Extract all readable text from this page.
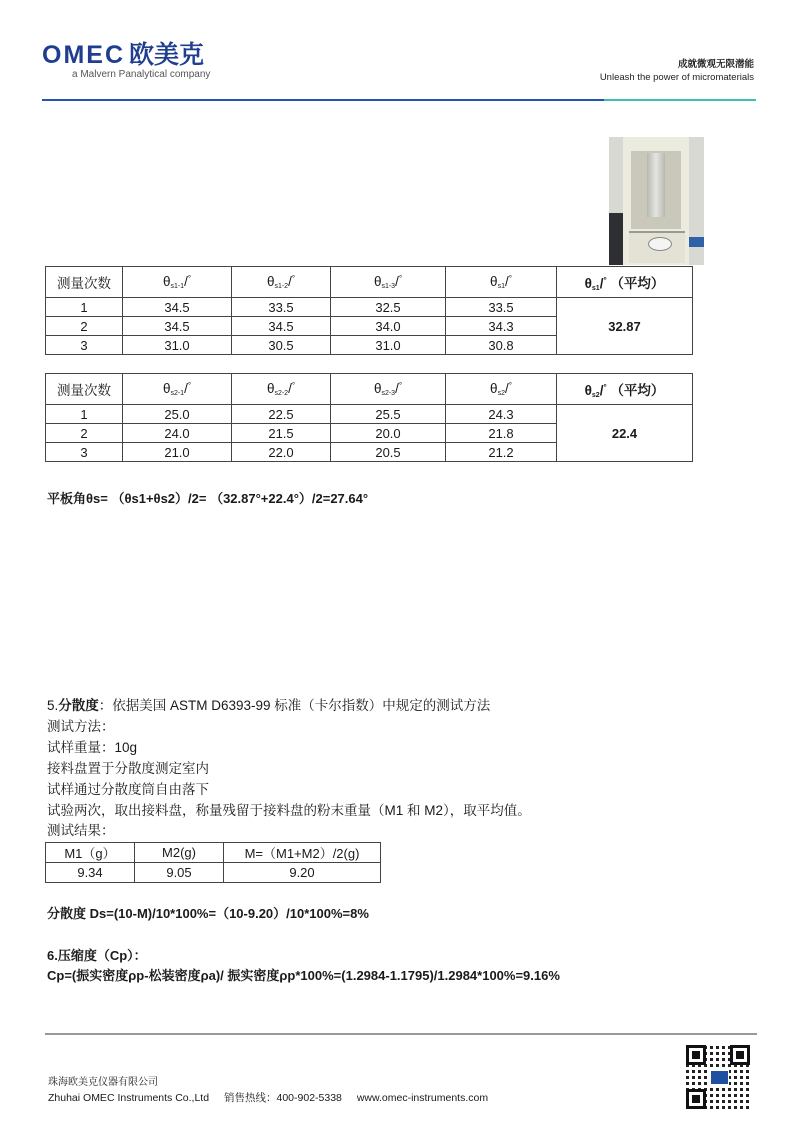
OMEC 欧美克
a Malvern Panalytical company
成就微观无限潜能
Unleash the power of micromaterials
测量次数	$\theta_{s1-1}/^\circ$	$\theta_{s1-2}/^\circ$	$\theta_{s1-3}/^\circ$	$\theta_{s1}/^\circ$	$\theta_{s1}/^\circ$ （平均）
1	34.5	33.5	32.5	33.5	32.87
2	34.5	34.5	34.0	34.3	
3	31.0	30.5	31.0	30.8	
测量次数	$\theta_{s2-1}/^\circ$	$\theta_{s2-2}/^\circ$	$\theta_{s2-3}/^\circ$	$\theta_{s2}/^\circ$	$\theta_{s2}/^\circ$ （平均）
1	25.0	22.5	25.5	24.3	22.4
2	24.0	21.5	20.0	21.8	
3	21.0	22.0	20.5	21.2	
平板角θs= （θs1+θs2）/2= （32.87°+22.4°）/2=27.64°
5.分散度：依据美国 ASTM D6393-99 标准（卡尔指数）中规定的测试方法
测试方法：
试样重量：10g
接料盘置于分散度测定室内
试样通过分散度筒自由落下
试验两次，取出接料盘，称量残留于接料盘的粉末重量（M1 和 M2），取平均值。
测试结果：
M1（g）	M2(g)	M=（M1+M2）/2(g)
9.34	9.05	9.20
分散度 Ds=(10-M)/10*100%=（10-9.20）/10*100%=8%
6.压缩度（Cp）：
Cp=(振实密度ρp-松装密度ρa)/ 振实密度ρp*100%=(1.2984-1.1795)/1.2984*100%=9.16%
珠海欧美克仪器有限公司
Zhuhai OMEC Instruments Co.,Ltd 销售热线：400-902-5338 www.omec-instruments.com
